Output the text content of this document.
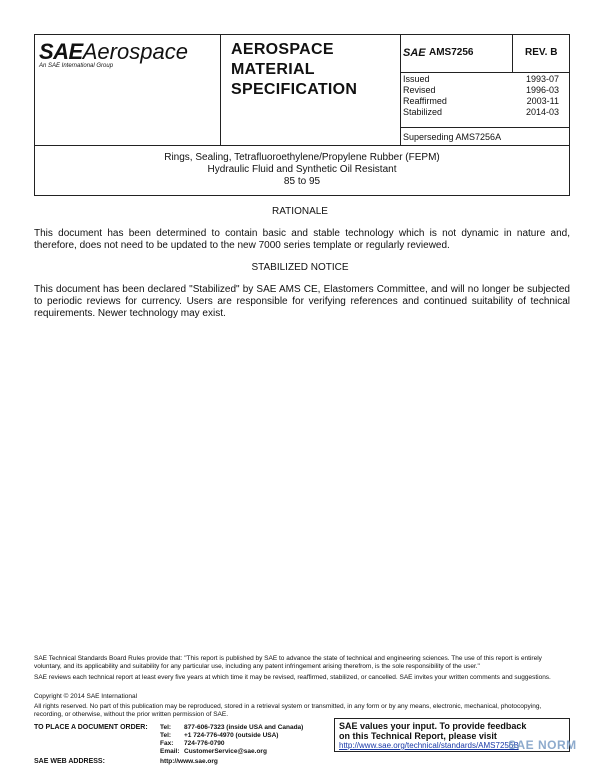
SAEAerospace
An SAE International Group
AEROSPACE
MATERIAL
SPECIFICATION
SAE AMS7256	REV. B
Issued	1993-07
Revised	1996-03
Reaffirmed	2003-11
Stabilized	2014-03
Superseding AMS7256A
Rings, Sealing, Tetrafluoroethylene/Propylene Rubber (FEPM)
Hydraulic Fluid and Synthetic Oil Resistant
85 to 95
RATIONALE
This document has been determined to contain basic and stable technology which is not dynamic in nature and, therefore, does not need to be updated to the new 7000 series template or regularly reviewed.
STABILIZED NOTICE
This document has been declared "Stabilized" by SAE AMS CE, Elastomers Committee, and will no longer be subjected to periodic reviews for currency. Users are responsible for verifying references and continued suitability of technical requirements. Newer technology may exist.
SAE Technical Standards Board Rules provide that: "This report is published by SAE to advance the state of technical and engineering sciences. The use of this report is entirely voluntary, and its applicability and suitability for any particular use, including any patent infringement arising therefrom, is the sole responsibility of the user."
SAE reviews each technical report at least every five years at which time it may be revised, reaffirmed, stabilized, or cancelled. SAE invites your written comments and suggestions.
Copyright © 2014 SAE International
All rights reserved. No part of this publication may be reproduced, stored in a retrieval system or transmitted, in any form or by any means, electronic, mechanical, photocopying, recording, or otherwise, without the prior written permission of SAE.
TO PLACE A DOCUMENT ORDER: Tel: 877-606-7323 (inside USA and Canada)
Tel: +1 724-776-4970 (outside USA)
Fax: 724-776-0790
Email: CustomerService@sae.org
SAE WEB ADDRESS:	http://www.sae.org
SAE values your input. To provide feedback
on this Technical Report, please visit
http://www.sae.org/technical/standards/AMS7256B
SAE NORM
